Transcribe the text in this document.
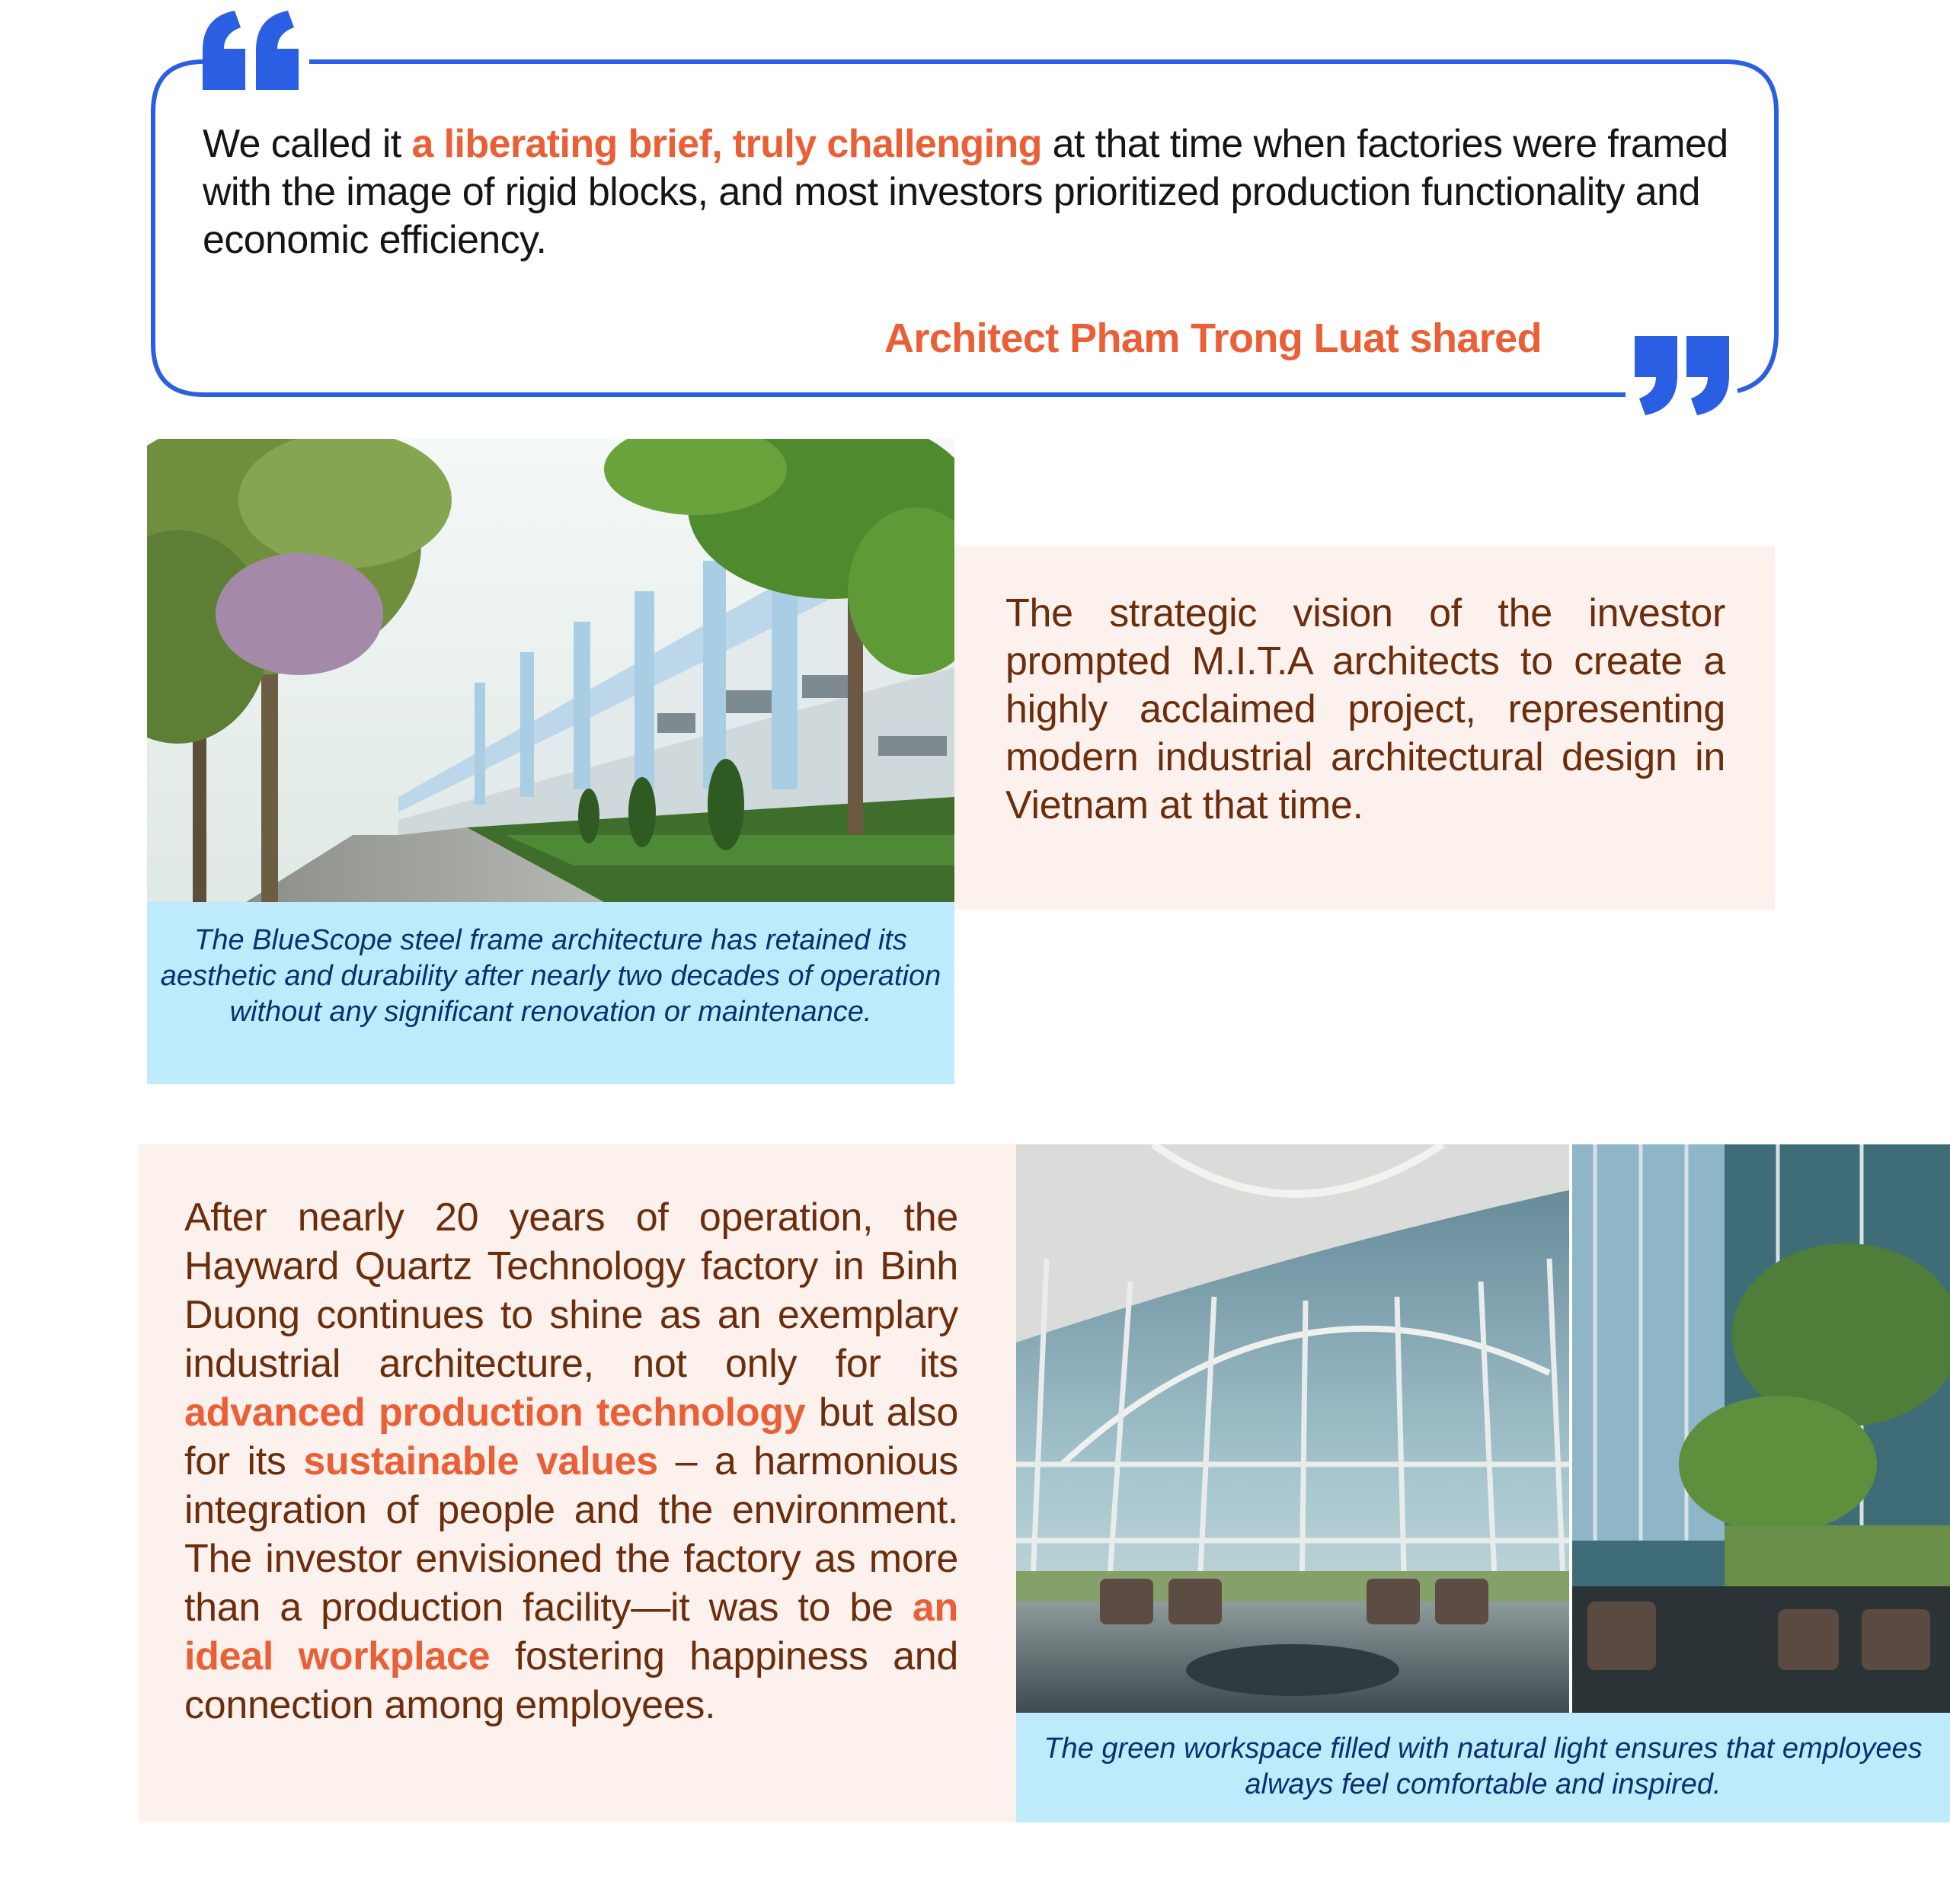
We called it a liberating brief, truly challenging at that time when factories were framed with the image of rigid blocks, and most investors prioritized production functionality and economic efficiency.

Architect Pham Trong Luat shared

The BlueScope steel frame architecture has retained its aesthetic and durability after nearly two decades of operation without any significant renovation or maintenance.

The strategic vision of the investor prompted M.I.T.A architects to create a highly acclaimed project, representing modern industrial architectural design in Vietnam at that time.

After nearly 20 years of operation, the Hayward Quartz Technology factory in Binh Duong continues to shine as an exemplary industrial architecture, not only for its advanced production technology but also for its sustainable values – a harmonious integration of people and the environment. The investor envisioned the factory as more than a production facility—it was to be an ideal workplace fostering happiness and connection among employees.

The green workspace filled with natural light ensures that employees always feel comfortable and inspired.
